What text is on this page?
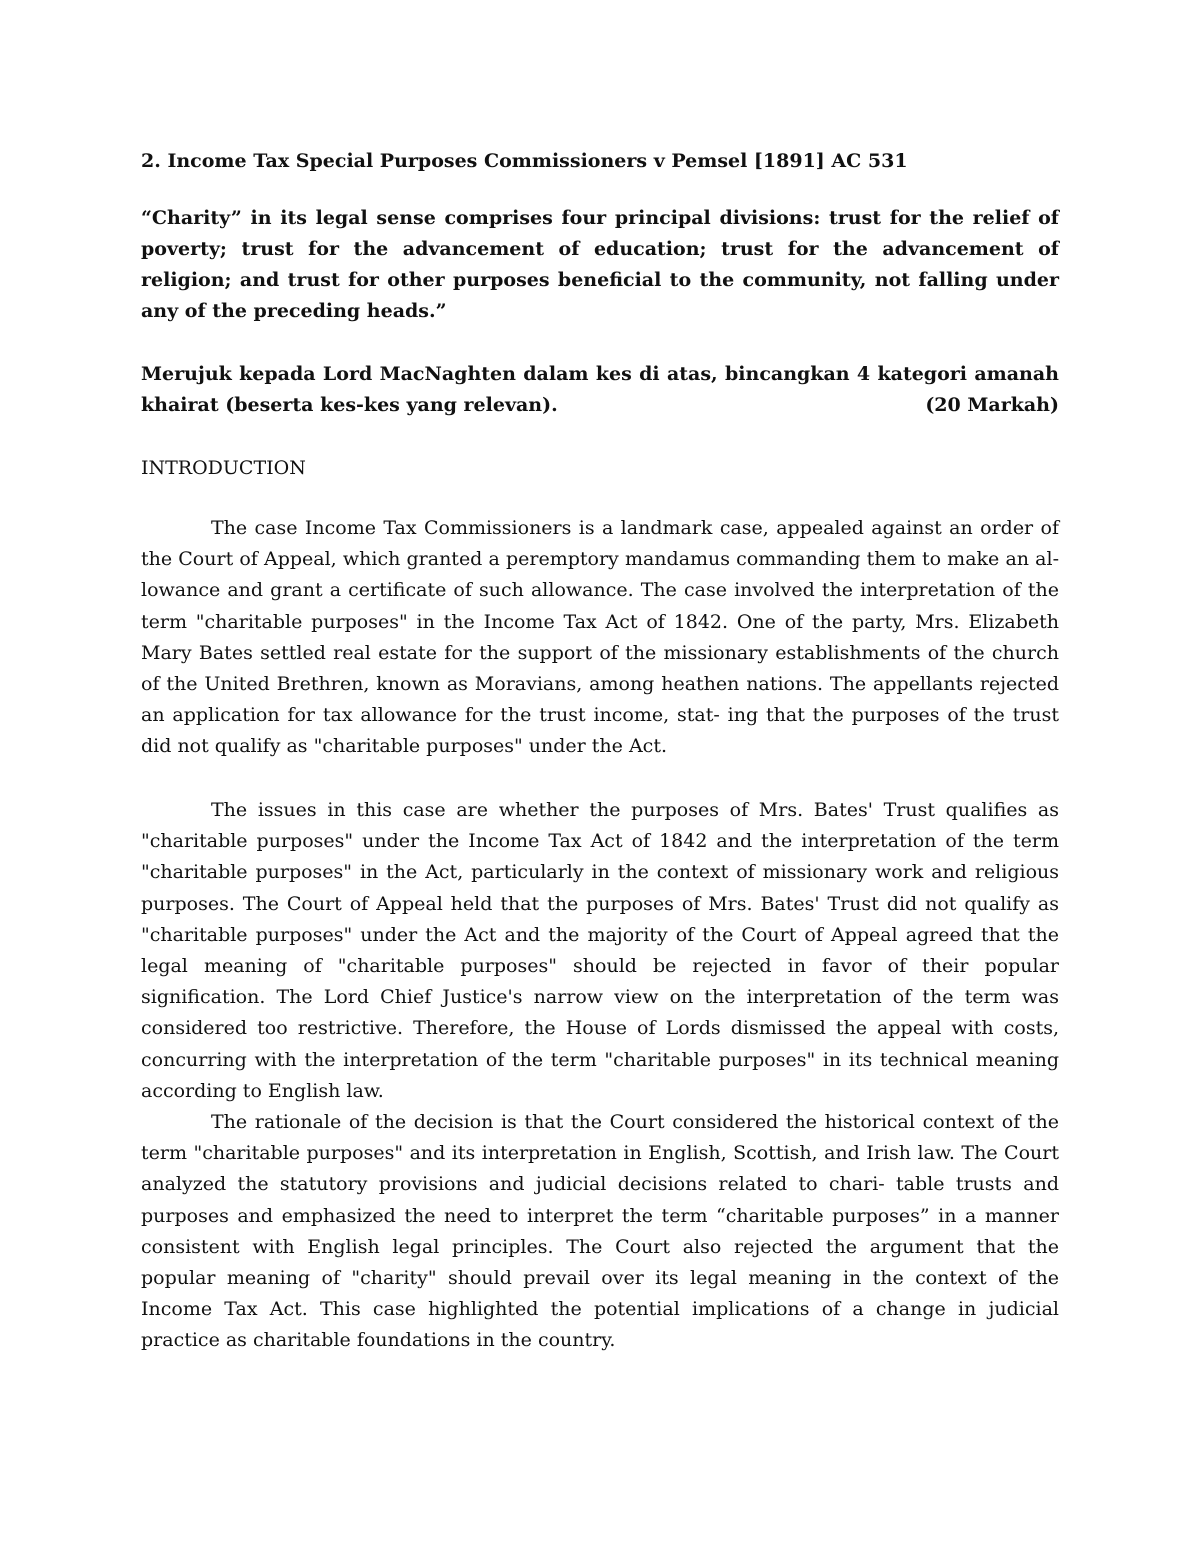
2. Income Tax Special Purposes Commissioners v Pemsel [1891] AC 531
“Charity” in its legal sense comprises four principal divisions: trust for the relief of poverty; trust for the advancement of education; trust for the advancement of religion; and trust for other purposes beneficial to the community, not falling under any of the preceding heads.”
Merujuk kepada Lord MacNaghten dalam kes di atas, bincangkan 4 kategori amanah
khairat (beserta kes-kes yang relevan).	(20 Markah)
INTRODUCTION

The case Income Tax Commissioners is a landmark case, appealed against an order of the Court of Appeal, which granted a peremptory mandamus commanding them to make an al- lowance and grant a certificate of such allowance. The case involved the interpretation of the term "charitable purposes" in the Income Tax Act of 1842. One of the party, Mrs. Elizabeth Mary Bates settled real estate for the support of the missionary establishments of the church of the United Brethren, known as Moravians, among heathen nations. The appellants rejected an application for tax allowance for the trust income, stat- ing that the purposes of the trust did not qualify as "charitable purposes" under the Act.

The issues in this case are whether the purposes of Mrs. Bates' Trust qualifies as "charitable purposes" under the Income Tax Act of 1842 and the interpretation of the term "charitable purposes" in the Act, particularly in the context of missionary work and religious purposes. The Court of Appeal held that the purposes of Mrs. Bates' Trust did not qualify as "charitable purposes" under the Act and the majority of the Court of Appeal agreed that the legal meaning of "charitable purposes" should be rejected in favor of their popular signification. The Lord Chief Justice's narrow view on the interpretation of the term was considered too restrictive. Therefore, the House of Lords dismissed the appeal with costs, concurring with the interpretation of the term "charitable purposes" in its technical meaning according to English law.

The rationale of the decision is that the Court considered the historical context of the term "charitable purposes" and its interpretation in English, Scottish, and Irish law. The Court analyzed the statutory provisions and judicial decisions related to chari- table trusts and purposes and emphasized the need to interpret the term “charitable purposes” in a manner consistent with English legal principles. The Court also rejected the argument that the popular meaning of "charity" should prevail over its legal meaning in the context of the Income Tax Act. This case highlighted the potential implications of a change in judicial practice as charitable foundations in the country.
